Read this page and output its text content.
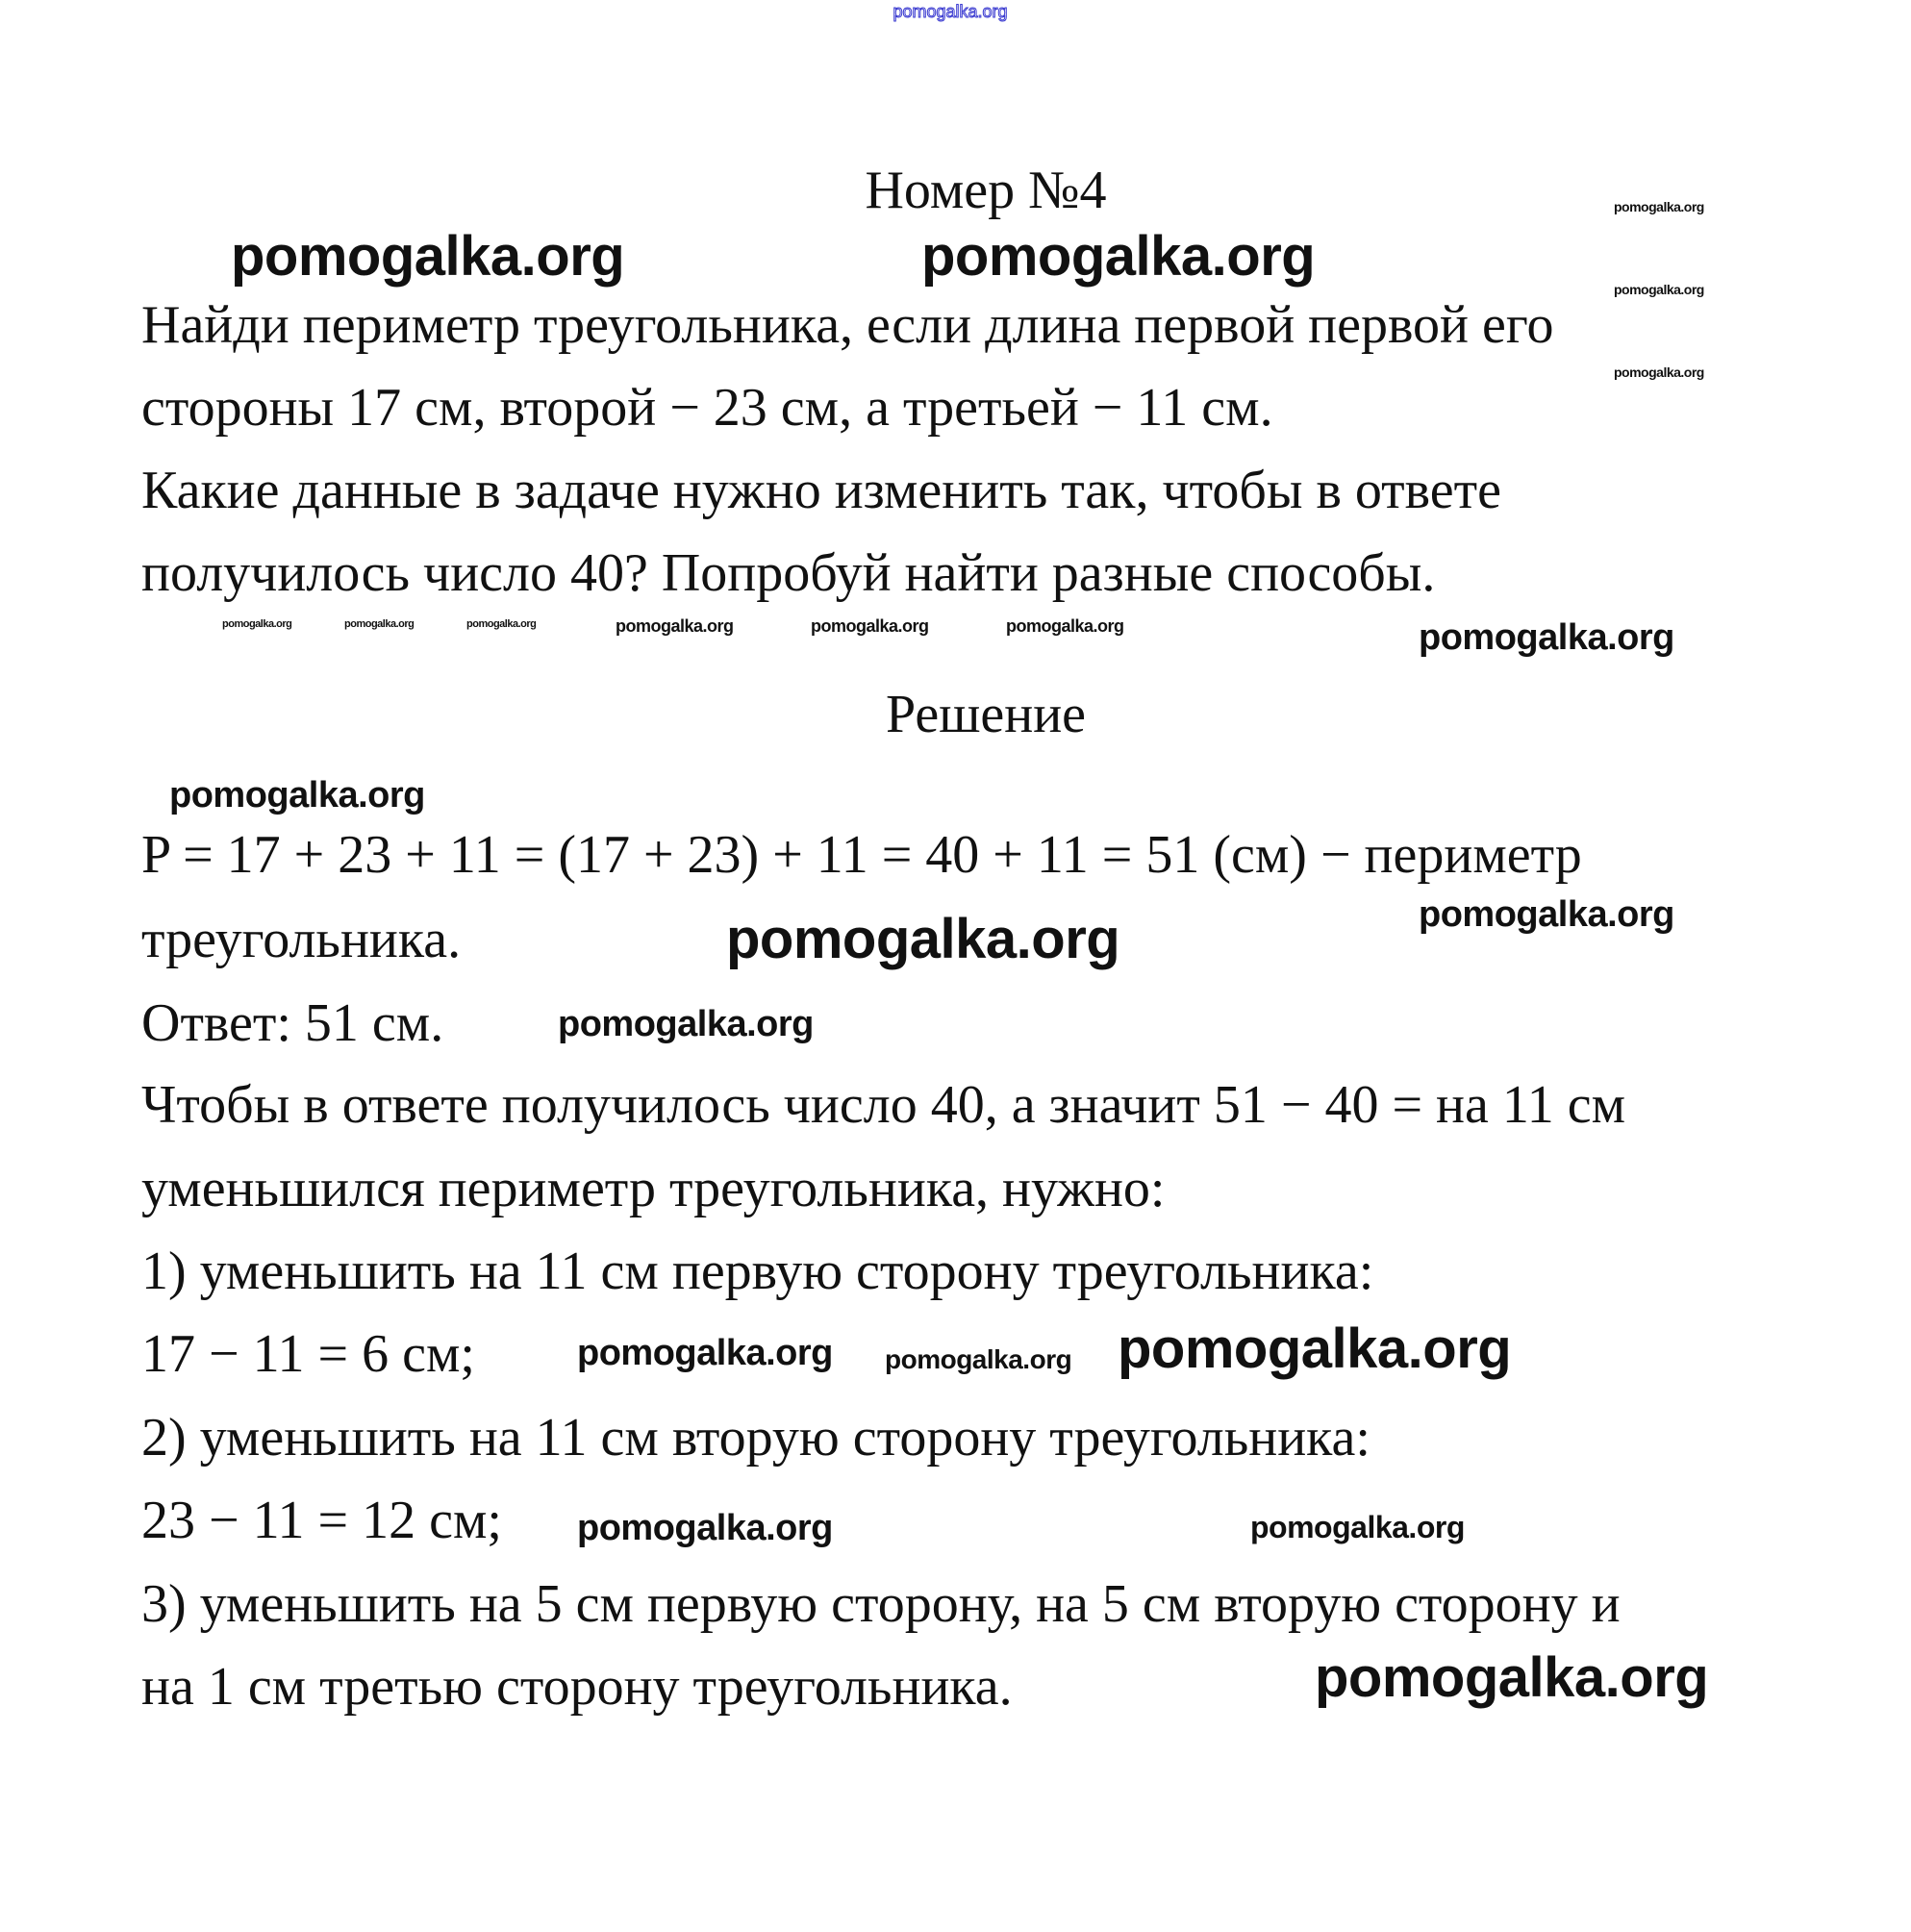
pomogalka.org
Номер №4
Найди периметр треугольника, если длина первой первой его
стороны 17 см, второй − 23 см, а третьей − 11 см.
Какие данные в задаче нужно изменить так, чтобы в ответе
получилось число 40? Попробуй найти разные способы.
Решение
P = 17 + 23 + 11 = (17 + 23) + 11 = 40 + 11 = 51 (см) − периметр
треугольника.
Ответ: 51 см.
Чтобы в ответе получилось число 40, а значит 51 − 40 = на 11 см
уменьшился периметр треугольника, нужно:
1) уменьшить на 11 см первую сторону треугольника:
17 − 11 = 6 см;
2) уменьшить на 11 см вторую сторону треугольника:
23 − 11 = 12 см;
3) уменьшить на 5 см первую сторону, на 5 см вторую сторону и
на 1 см третью сторону треугольника.
pomogalka.org
pomogalka.org
pomogalka.org
pomogalka.org	pomogalka.org
pomogalka.org	pomogalka.org	pomogalka.org	pomogalka.org	pomogalka.org	pomogalka.org	pomogalka.org
pomogalka.org
pomogalka.org
pomogalka.org
pomogalka.org
pomogalka.org	pomogalka.org
pomogalka.org
pomogalka.org	pomogalka.org
pomogalka.org
